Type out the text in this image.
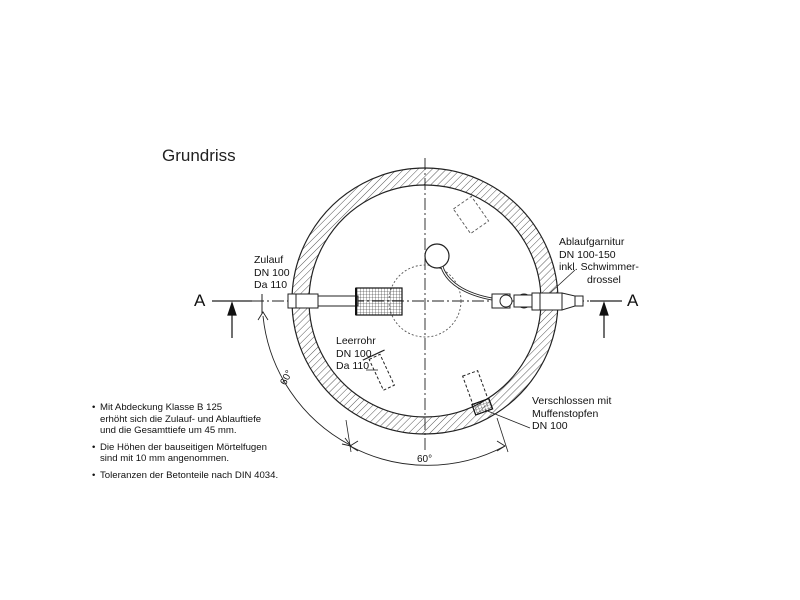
Grundriss
A	A
Zulauf
DN 100
Da 110
Leerrohr
DN 100
Da 110
Ablaufgarnitur
DN 100-150
inkl. Schwimmer-
drossel
Verschlossen mit
Muffenstopfen
DN 100
60°
60°
• Mit Abdeckung Klasse B 125
erhöht sich die Zulauf- und Ablauftiefe
und die Gesamttiefe um 45 mm.
• Die Höhen der bauseitigen Mörtelfugen
sind mit 10 mm angenommen.
• Toleranzen der Betonteile nach DIN 4034.
